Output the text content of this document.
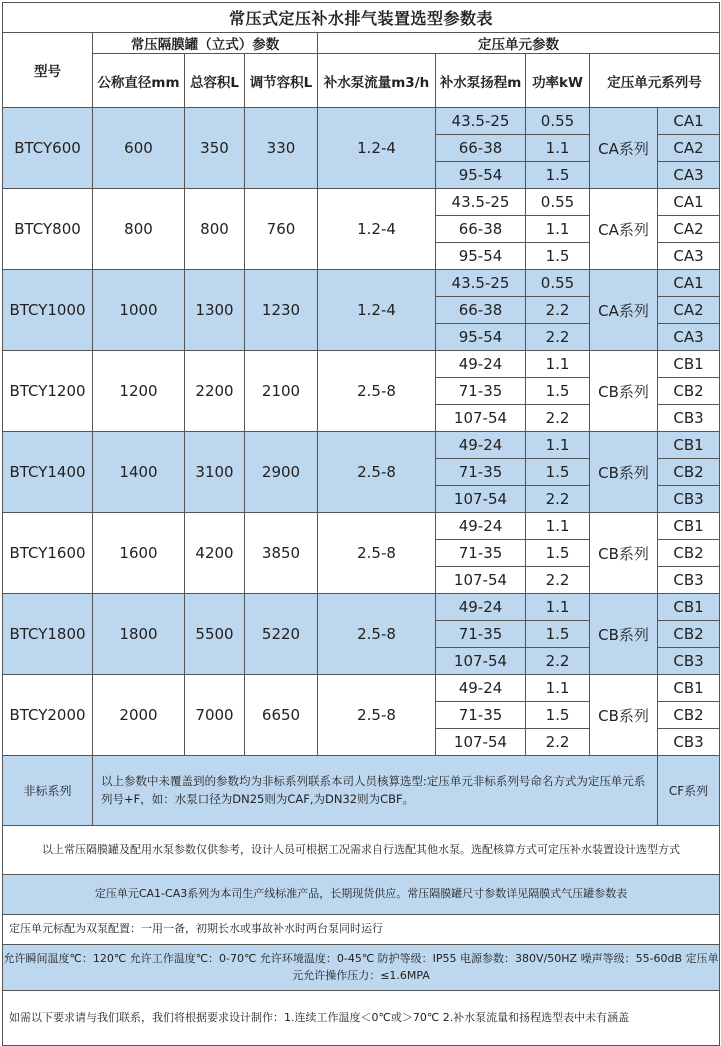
常压式定压补水排气装置选型参数表								
型号	常压隔膜罐（立式）参数			定压单元参数				
	公称直径mm	总容积L	调节容积L	补水泵流量m3/h	补水泵扬程m	功率kW	定压单元系列号	
BTCY600	600	350	330	1.2-4	43.5-25	0.55	CA系列	CA1
					66-38	1.1		CA2
					95-54	1.5		CA3
BTCY800	800	800	760	1.2-4	43.5-25	0.55	CA系列	CA1
					66-38	1.1		CA2
					95-54	1.5		CA3
BTCY1000	1000	1300	1230	1.2-4	43.5-25	0.55	CA系列	CA1
					66-38	2.2		CA2
					95-54	2.2		CA3
BTCY1200	1200	2200	2100	2.5-8	49-24	1.1	CB系列	CB1
					71-35	1.5		CB2
					107-54	2.2		CB3
BTCY1400	1400	3100	2900	2.5-8	49-24	1.1	CB系列	CB1
					71-35	1.5		CB2
					107-54	2.2		CB3
BTCY1600	1600	4200	3850	2.5-8	49-24	1.1	CB系列	CB1
					71-35	1.5		CB2
					107-54	2.2		CB3
BTCY1800	1800	5500	5220	2.5-8	49-24	1.1	CB系列	CB1
					71-35	1.5		CB2
					107-54	2.2		CB3
BTCY2000	2000	7000	6650	2.5-8	49-24	1.1	CB系列	CB1
					71-35	1.5		CB2
					107-54	2.2		CB3
非标系列	以上参数中未覆盖到的参数均为非标系列联系本司人员核算选型:定压单元非标系列号命名方式为定压单元系列号+F，如：水泵口径为DN25则为CAF,为DN32则为CBF。							CF系列
以上常压隔膜罐及配用水泵参数仅供参考，设计人员可根据工况需求自行选配其他水泵。选配核算方式可定压补水装置设计选型方式								
定压单元CA1-CA3系列为本司生产线标准产品，长期现货供应。常压隔膜罐尺寸参数详见隔膜式气压罐参数表								
定压单元标配为双泵配置：一用一备，初期长水或事故补水时两台泵同时运行								
允许瞬间温度℃：120℃ 允许工作温度℃：0-70℃ 允许环境温度：0-45℃ 防护等级：IP55 电源参数：380V/50HZ 噪声等级：55-60dB 定压单元允许操作压力：≤1.6MPA								
如需以下要求请与我们联系，我们将根据要求设计制作：1.连续工作温度＜0℃或＞70℃ 2.补水泵流量和扬程选型表中未有涵盖								
